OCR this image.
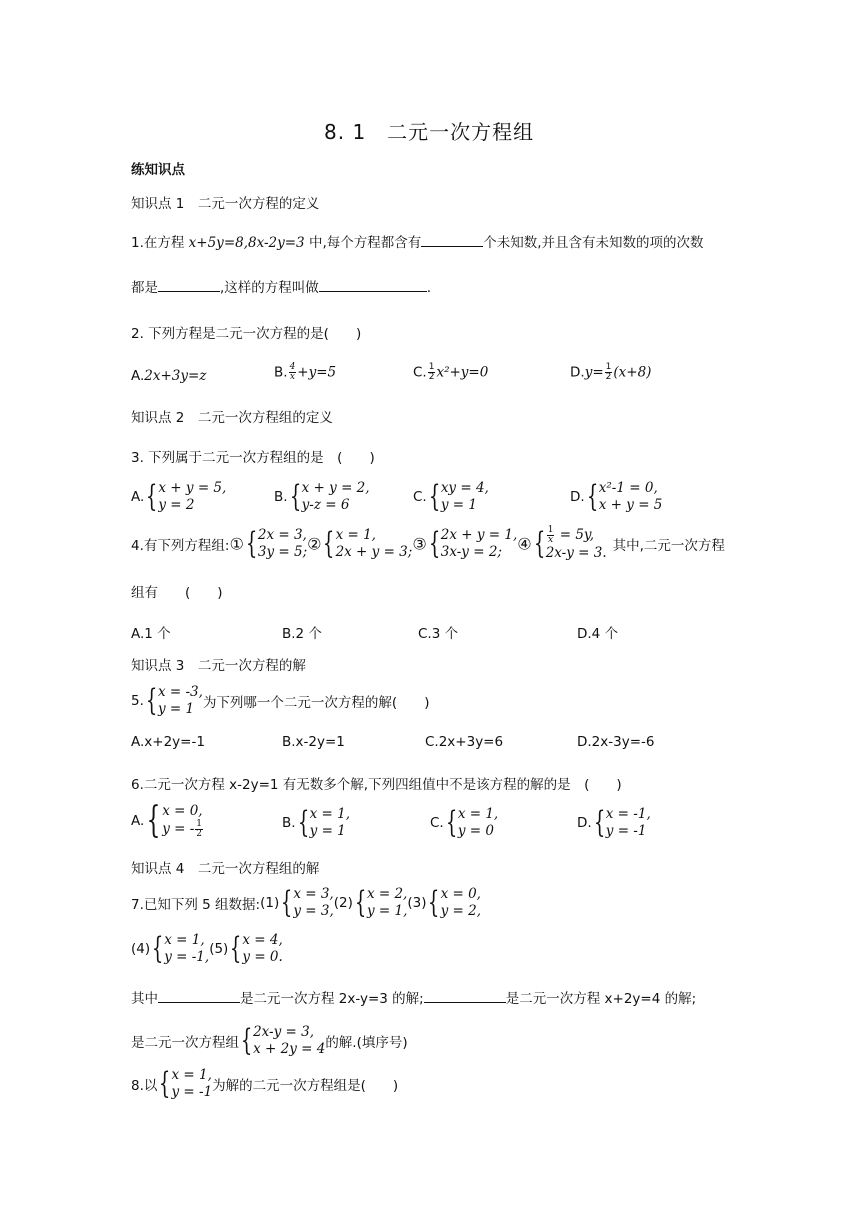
8. 1　二元一次方程组
练知识点
知识点 1　二元一次方程的定义
1.在方程 x+5y=8,8x-2y=3 中,每个方程都含有	个未知数,并且含有未知数的项的次数
都是	,这样的方程叫做	.
2. 下列方程是二元一次方程的是(　　)
A.2x+3y=z	B. $\frac{4}{x} +y=5$	C. $\frac{1}{2} x^2+y=0$	$D.y= \frac{1}{2} (x+8)$
知识点 2　二元一次方程组的定义
3. 下列属于二元一次方程组的是　(　　)
A. { x + y = 5,
y = 2	B. { x + y = 2,
y-z = 6	C. { xy = 4,
y = 1	D. { x²-1 = 0,
x + y = 5
4.有下列方程组:① { 2x = 3,
3y = 5; ② { x = 1,
2x + y = 3; ③ { 2x + y = 1,
3x-y = 2; ④ { $\frac{1}{x} = 5y$,
2x-y = 3. 其中,二元一次方程
组有　　(　　)
A.1 个	B.2 个	C.3 个	D.4 个
知识点 3　二元一次方程的解
5. { x = -3,
y = 1 为下列哪一个二元一次方程的解(　　)
A.x+2y=-1	B.x-2y=1	C.2x+3y=6	D.2x-3y=-6
6.二元一次方程 x-2y=1 有无数多个解,下列四组值中不是该方程的解的是　(　　)
A. { x = 0,
y = - $\frac{1}{2}$	B. { x = 1,
y = 1	C. { x = 1,
y = 0	D. { x = -1,
y = -1
知识点 4　二元一次方程组的解
7.已知下列 5 组数据:(1) { x = 3,
y = 3, (2) { x = 2,
y = 1, (3) { x = 0,
y = 2,
(4) { x = 1,
y = -1, (5) { x = 4,
y = 0.
其中	是二元一次方程 2x-y=3 的解;	是二元一次方程 x+2y=4 的解;
是二元一次方程组 { 2x-y = 3,
x + 2y = 4 的解.(填序号)
8.以 { x = 1,
y = -1 为解的二元一次方程组是(　　)
